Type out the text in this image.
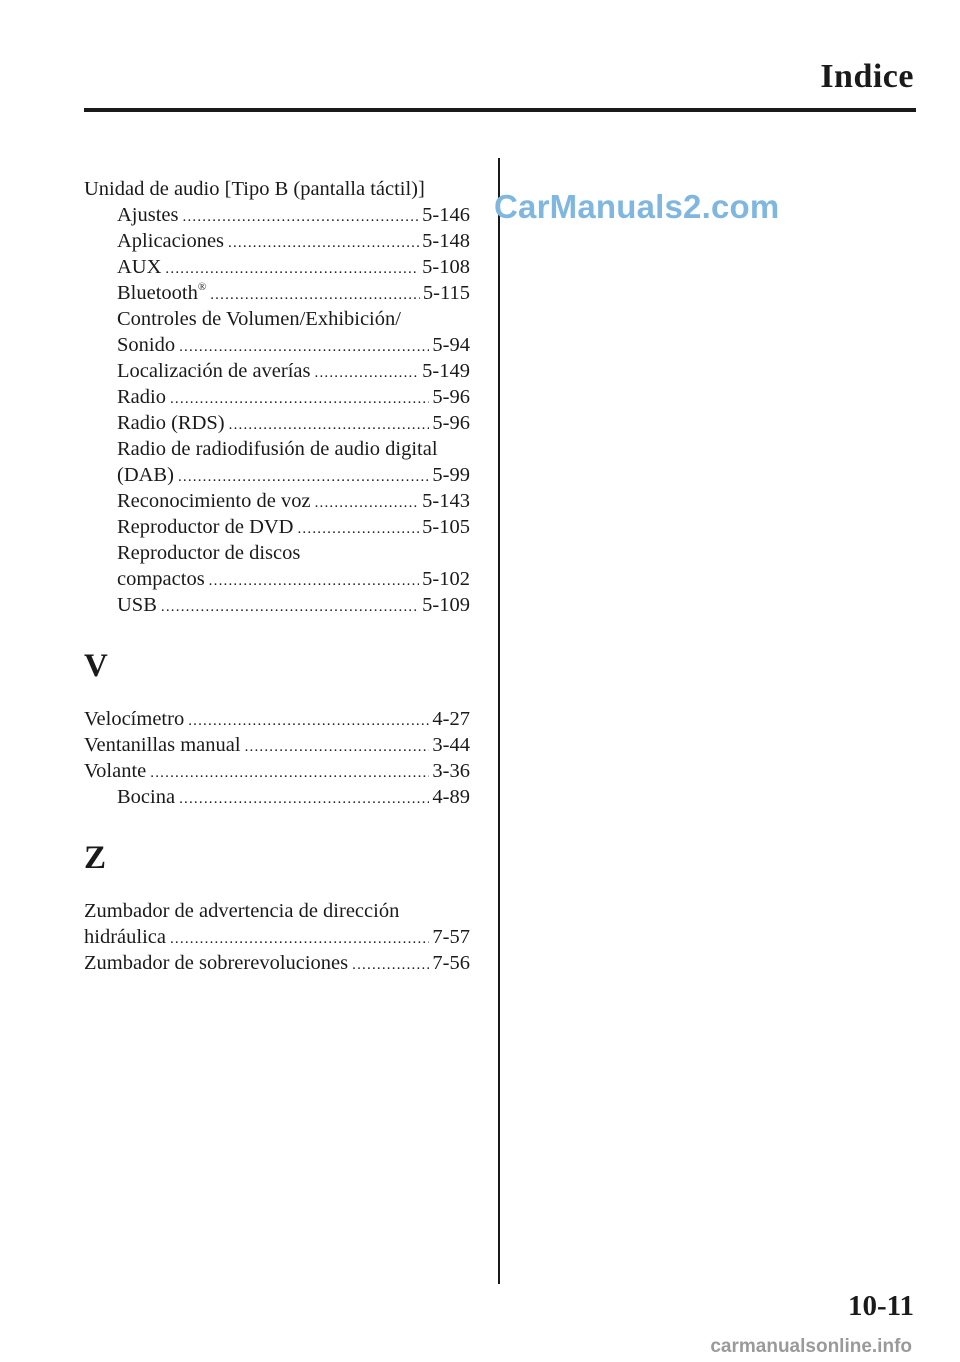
Indice
CarManuals2.com
Unidad de audio [Tipo B (pantalla táctil)]
Ajustes .....	5-146
Aplicaciones .....	5-148
AUX .....	5-108
Bluetooth® .....	5-115
Controles de Volumen/Exhibición/
Sonido .....	5-94
Localización de averías .....	5-149
Radio .....	5-96
Radio (RDS) .....	5-96
Radio de radiodifusión de audio digital
(DAB) .....	5-99
Reconocimiento de voz .....	5-143
Reproductor de DVD .....	5-105
Reproductor de discos
compactos .....	5-102
USB .....	5-109
V
Velocímetro .....	4-27
Ventanillas manual .....	3-44
Volante .....	3-36
Bocina .....	4-89
Z
Zumbador de advertencia de dirección
hidráulica .....	7-57
Zumbador de sobrerevoluciones .....	7-56
10-11
carmanualsonline.info
